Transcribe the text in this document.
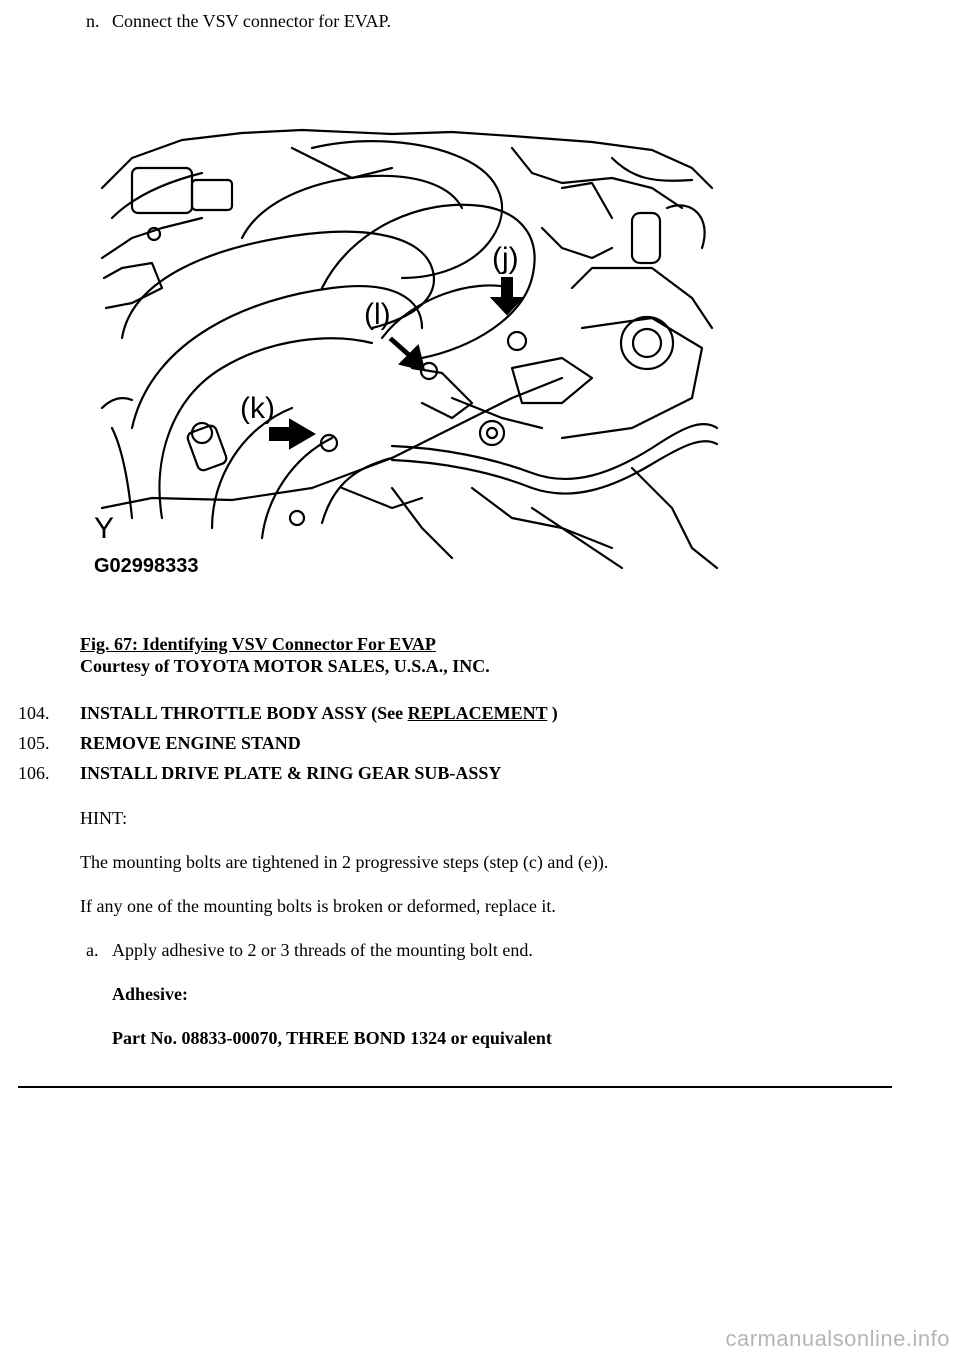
n. Connect the VSV connector for EVAP.
(j)
(l)
(k)
Y
G02998333
Fig. 67: Identifying VSV Connector For EVAP
Courtesy of TOYOTA MOTOR SALES, U.S.A., INC.
104. INSTALL THROTTLE BODY ASSY (See REPLACEMENT )
105. REMOVE ENGINE STAND
106. INSTALL DRIVE PLATE & RING GEAR SUB-ASSY
HINT:
The mounting bolts are tightened in 2 progressive steps (step (c) and (e)).
If any one of the mounting bolts is broken or deformed, replace it.
a. Apply adhesive to 2 or 3 threads of the mounting bolt end.
Adhesive:
Part No. 08833-00070, THREE BOND 1324 or equivalent
carmanualsonline.info
